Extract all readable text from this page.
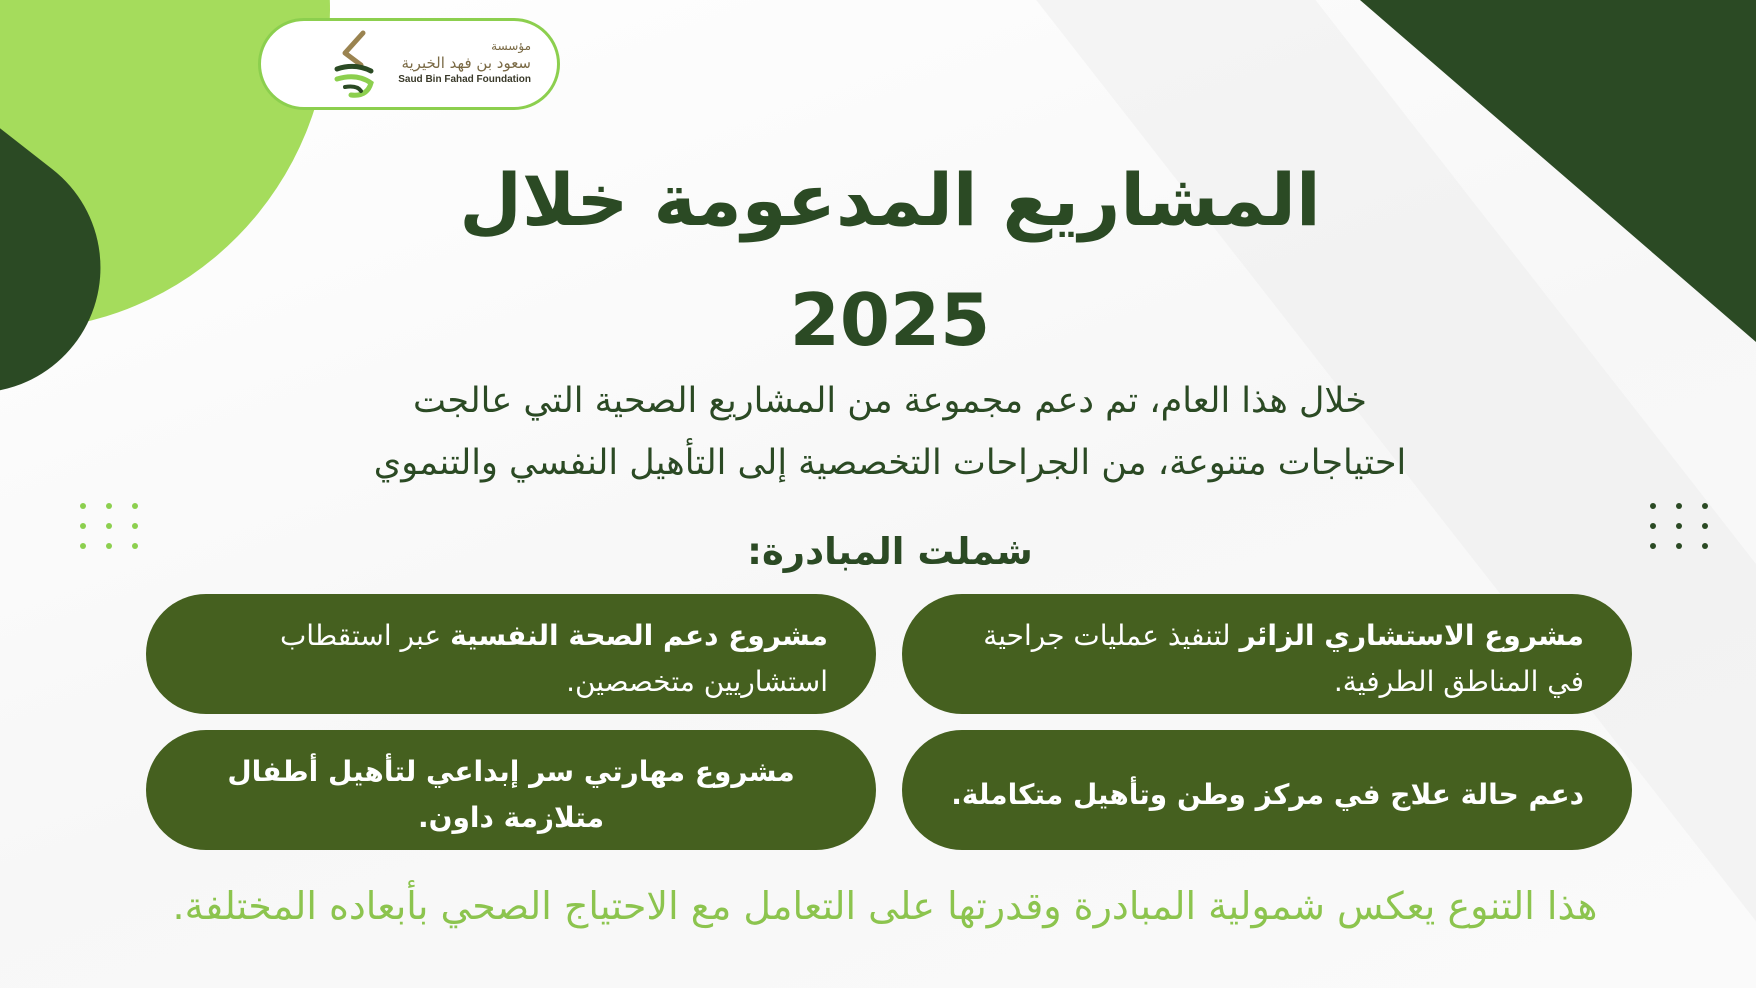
مؤسسة
سعود بن فهد الخيرية
Saud Bin Fahad Foundation
المشاريع المدعومة خلال
2025

خلال هذا العام، تم دعم مجموعة من المشاريع الصحية التي عالجت
احتياجات متنوعة، من الجراحات التخصصية إلى التأهيل النفسي والتنموي

شملت المبادرة:

مشروع الاستشاري الزائر لتنفيذ عمليات جراحية

في المناطق الطرفية.

مشروع دعم الصحة النفسية عبر استقطاب

استشاريين متخصصين.

دعم حالة علاج في مركز وطن وتأهيل متكاملة.

مشروع مهارتي سر إبداعي لتأهيل أطفال

متلازمة داون.

هذا التنوع يعكس شمولية المبادرة وقدرتها على التعامل مع الاحتياج الصحي بأبعاده المختلفة.
